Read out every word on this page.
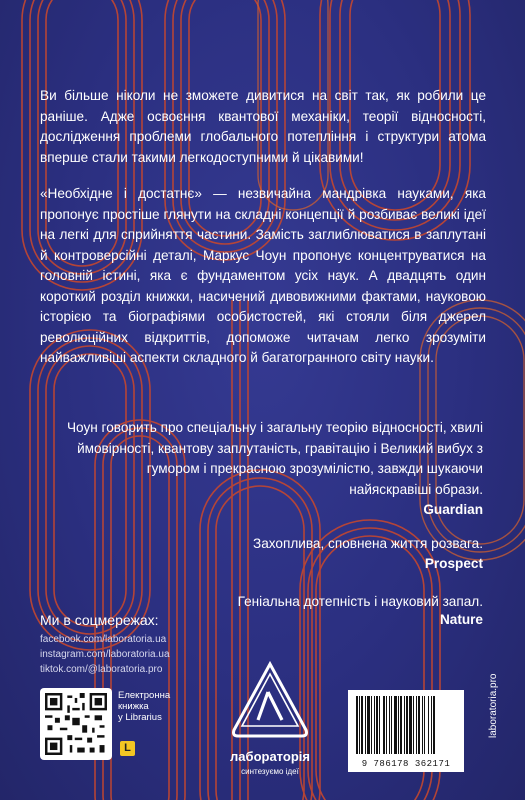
Ви більше ніколи не зможете дивитися на світ так, як робили це раніше. Адже освоєння квантової механіки, теорії відносності, дослідження проблеми глобального потепління і структури атома вперше стали такими легкодоступними й цікавими!
«Необхідне і достатнє» — незвичайна мандрівка науками, яка пропонує простіше глянути на складні концепції й розбиває великі ідеї на легкі для сприйняття частини. Замість заглиблюватися в заплутані й контроверсійні деталі, Маркус Чоун пропонує концентруватися на головній істині, яка є фундаментом усіх наук. А двадцять один короткий розділ книжки, насичений дивовижними фактами, науковою історією та біографіями особистостей, які стояли біля джерел революційних відкриттів, допоможе читачам легко зрозуміти найважливіші аспекти складного й багатогранного світу науки.
Чоун говорить про спеціальну і загальну теорію відносності, хвилі ймовірності, квантову заплутаність, гравітацію і Великий вибух з гумором і прекрасною зрозумілістю, завжди шукаючи найяскравіші образи.
Guardian
Захоплива, сповнена життя розвага.
Prospect
Геніальна дотепність і науковий запал.
Nature
Ми в соцмережах:
facebook.com/laboratoria.ua
instagram.com/laboratoria.ua
tiktok.com/@laboratoria.pro
Електронна
книжка
у Librarius
L
лабораторія
синтезуємо ідеї
9 786178 362171
laboratoria.pro
